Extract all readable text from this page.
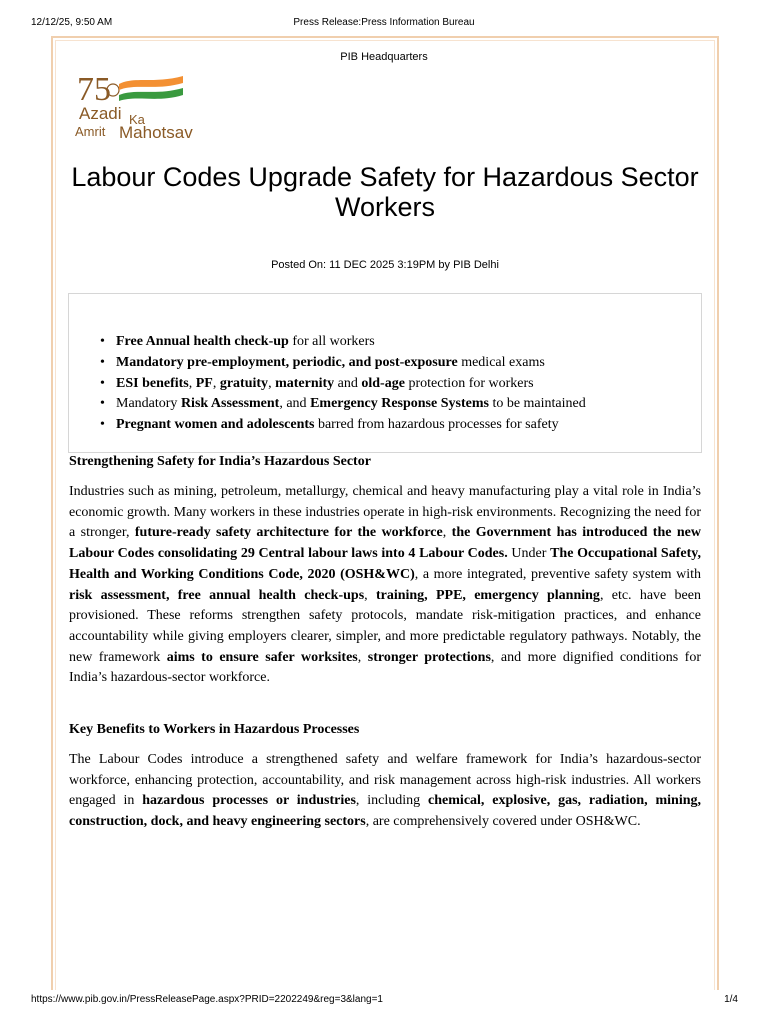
12/12/25, 9:50 AM	Press Release:Press Information Bureau
PIB Headquarters
75
Azadi Ka
Amrit Mahotsav
Labour Codes Upgrade Safety for Hazardous Sector Workers
Posted On: 11 DEC 2025 3:19PM by PIB Delhi
• Free Annual health check-up for all workers
• Mandatory pre-employment, periodic, and post-exposure medical exams
• ESI benefits, PF, gratuity, maternity and old-age protection for workers
• Mandatory Risk Assessment, and Emergency Response Systems to be maintained
• Pregnant women and adolescents barred from hazardous processes for safety
Strengthening Safety for India’s Hazardous Sector

Industries such as mining, petroleum, metallurgy, chemical and heavy manufacturing play a vital role in India’s economic growth. Many workers in these industries operate in high-risk environments. Recognizing the need for a stronger, future-ready safety architecture for the workforce, the Government has introduced the new Labour Codes consolidating 29 Central labour laws into 4 Labour Codes. Under The Occupational Safety, Health and Working Conditions Code, 2020 (OSH&WC), a more integrated, preventive safety system with risk assessment, free annual health check-ups, training, PPE, emergency planning, etc. have been provisioned. These reforms strengthen safety protocols, mandate risk-mitigation practices, and enhance accountability while giving employers clearer, simpler, and more predictable regulatory pathways. Notably, the new framework aims to ensure safer worksites, stronger protections, and more dignified conditions for India’s hazardous-sector workforce.

Key Benefits to Workers in Hazardous Processes

The Labour Codes introduce a strengthened safety and welfare framework for India’s hazardous-sector workforce, enhancing protection, accountability, and risk management across high-risk industries. All workers engaged in hazardous processes or industries, including chemical, explosive, gas, radiation, mining, construction, dock, and heavy engineering sectors, are comprehensively covered under OSH&WC.

https://www.pib.gov.in/PressReleasePage.aspx?PRID=2202249&reg=3&lang=1	1/4
